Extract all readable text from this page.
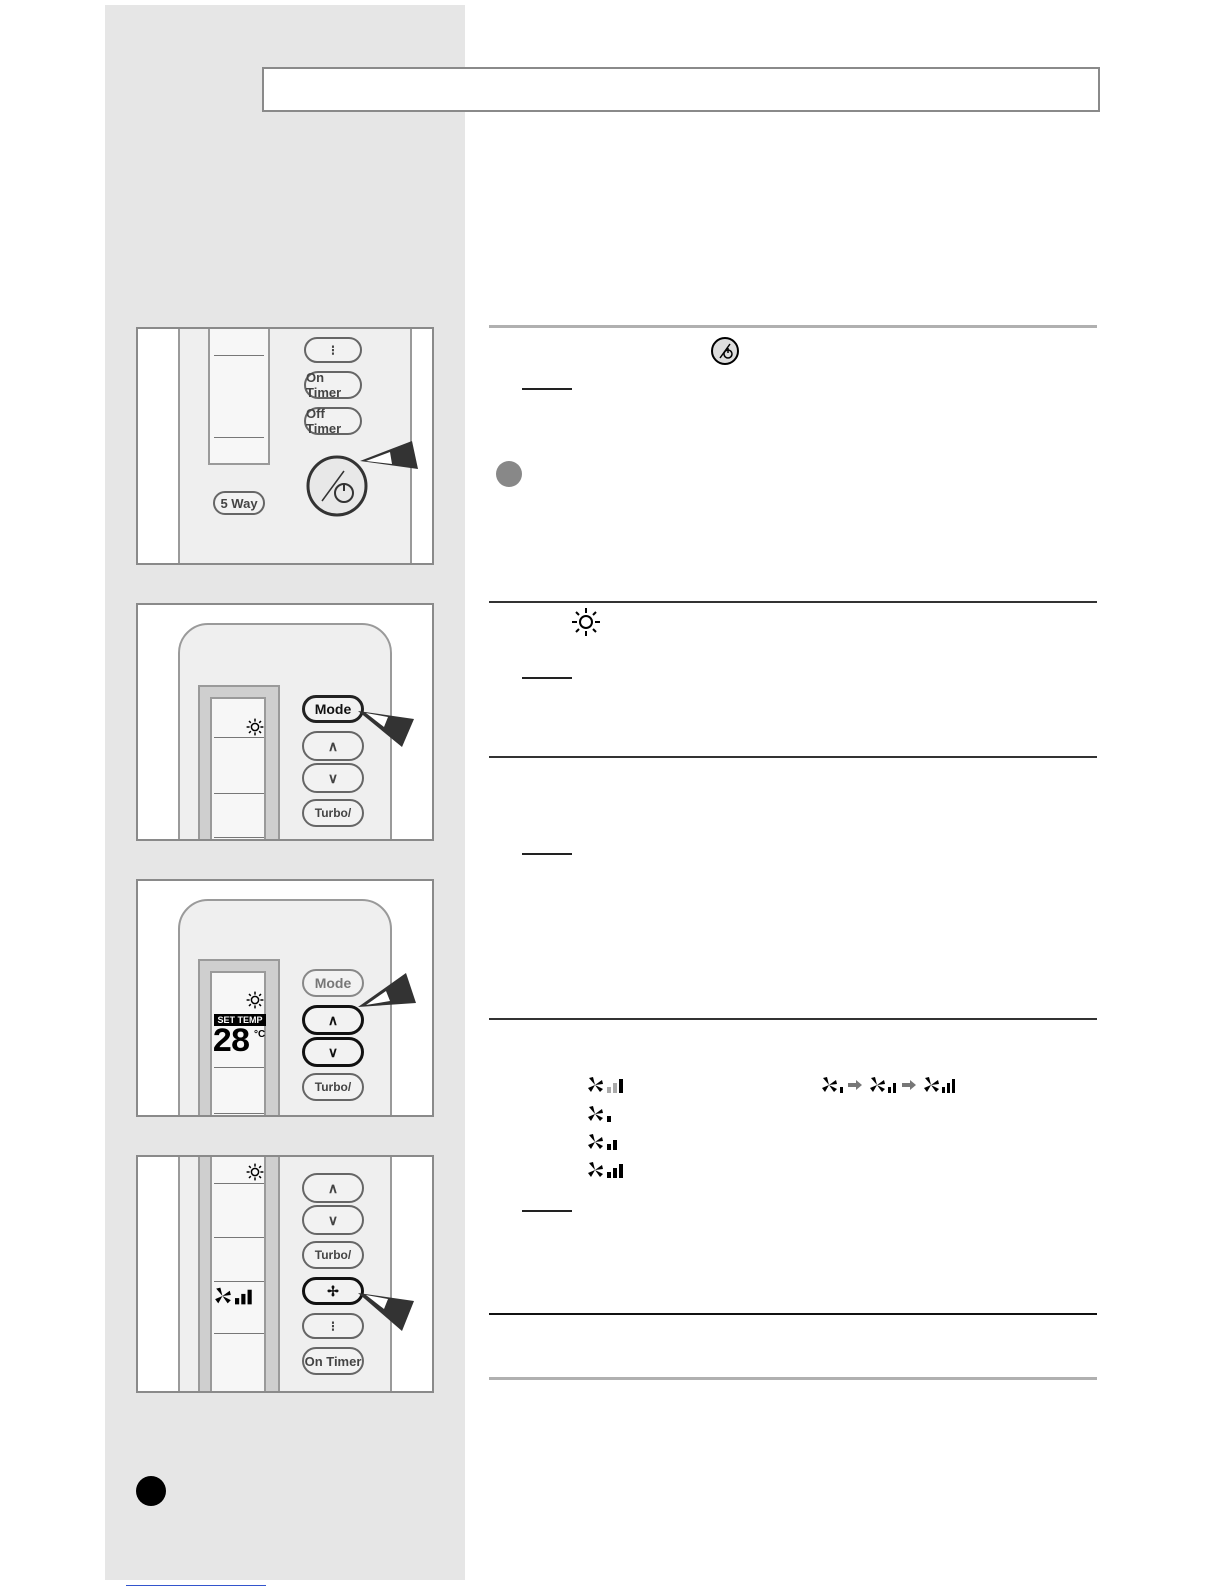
⁝
On Timer
Off Timer
5 Way
Mode
∧
∨
Turbo/
SET TEMP
28 °C
Mode
∧
∨
Turbo/
∧
∨
Turbo/
✢
⁝
On Timer
